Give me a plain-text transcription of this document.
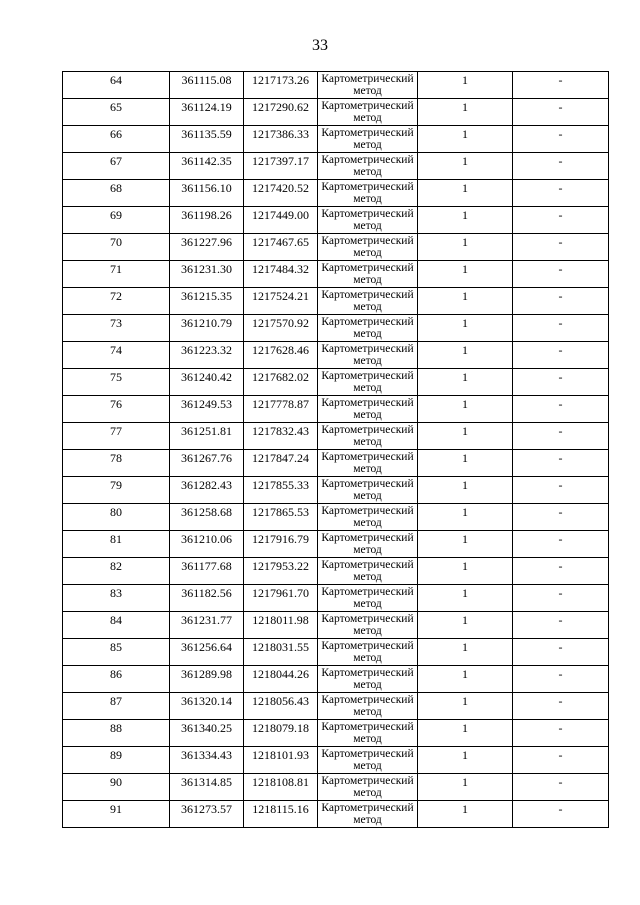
33
64	361115.08	1217173.26	Картометрический метод	1	-
65	361124.19	1217290.62	Картометрический метод	1	-
66	361135.59	1217386.33	Картометрический метод	1	-
67	361142.35	1217397.17	Картометрический метод	1	-
68	361156.10	1217420.52	Картометрический метод	1	-
69	361198.26	1217449.00	Картометрический метод	1	-
70	361227.96	1217467.65	Картометрический метод	1	-
71	361231.30	1217484.32	Картометрический метод	1	-
72	361215.35	1217524.21	Картометрический метод	1	-
73	361210.79	1217570.92	Картометрический метод	1	-
74	361223.32	1217628.46	Картометрический метод	1	-
75	361240.42	1217682.02	Картометрический метод	1	-
76	361249.53	1217778.87	Картометрический метод	1	-
77	361251.81	1217832.43	Картометрический метод	1	-
78	361267.76	1217847.24	Картометрический метод	1	-
79	361282.43	1217855.33	Картометрический метод	1	-
80	361258.68	1217865.53	Картометрический метод	1	-
81	361210.06	1217916.79	Картометрический метод	1	-
82	361177.68	1217953.22	Картометрический метод	1	-
83	361182.56	1217961.70	Картометрический метод	1	-
84	361231.77	1218011.98	Картометрический метод	1	-
85	361256.64	1218031.55	Картометрический метод	1	-
86	361289.98	1218044.26	Картометрический метод	1	-
87	361320.14	1218056.43	Картометрический метод	1	-
88	361340.25	1218079.18	Картометрический метод	1	-
89	361334.43	1218101.93	Картометрический метод	1	-
90	361314.85	1218108.81	Картометрический метод	1	-
91	361273.57	1218115.16	Картометрический метод	1	-
